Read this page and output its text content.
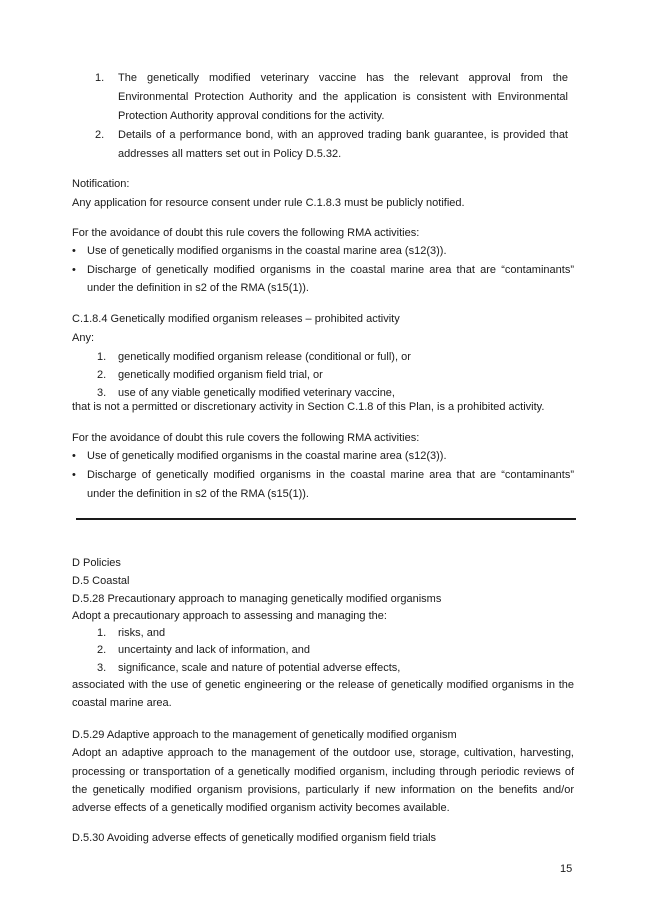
1. The genetically modified veterinary vaccine has the relevant approval from the
Environmental Protection Authority and the application is consistent with Environmental
Protection Authority approval conditions for the activity.
2. Details of a performance bond, with an approved trading bank guarantee, is provided that
addresses all matters set out in Policy D.5.32.
Notification:
Any application for resource consent under rule C.1.8.3 must be publicly notified.
For the avoidance of doubt this rule covers the following RMA activities:
• Use of genetically modified organisms in the coastal marine area (s12(3)).
• Discharge of genetically modified organisms in the coastal marine area that are “contaminants”
under the definition in s2 of the RMA (s15(1)).
C.1.8.4 Genetically modified organism releases – prohibited activity
Any:
1. genetically modified organism release (conditional or full), or
2. genetically modified organism field trial, or
3. use of any viable genetically modified veterinary vaccine,
that is not a permitted or discretionary activity in Section C.1.8 of this Plan, is a prohibited activity.
For the avoidance of doubt this rule covers the following RMA activities:
• Use of genetically modified organisms in the coastal marine area (s12(3)).
• Discharge of genetically modified organisms in the coastal marine area that are “contaminants”
under the definition in s2 of the RMA (s15(1)).
D Policies
D.5 Coastal
D.5.28 Precautionary approach to managing genetically modified organisms
Adopt a precautionary approach to assessing and managing the:
1. risks, and
2. uncertainty and lack of information, and
3. significance, scale and nature of potential adverse effects,
associated with the use of genetic engineering or the release of genetically modified organisms in the
coastal marine area.
D.5.29 Adaptive approach to the management of genetically modified organism
Adopt an adaptive approach to the management of the outdoor use, storage, cultivation, harvesting,
processing or transportation of a genetically modified organism, including through periodic reviews of
the genetically modified organism provisions, particularly if new information on the benefits and/or
adverse effects of a genetically modified organism activity becomes available.
D.5.30 Avoiding adverse effects of genetically modified organism field trials
15
